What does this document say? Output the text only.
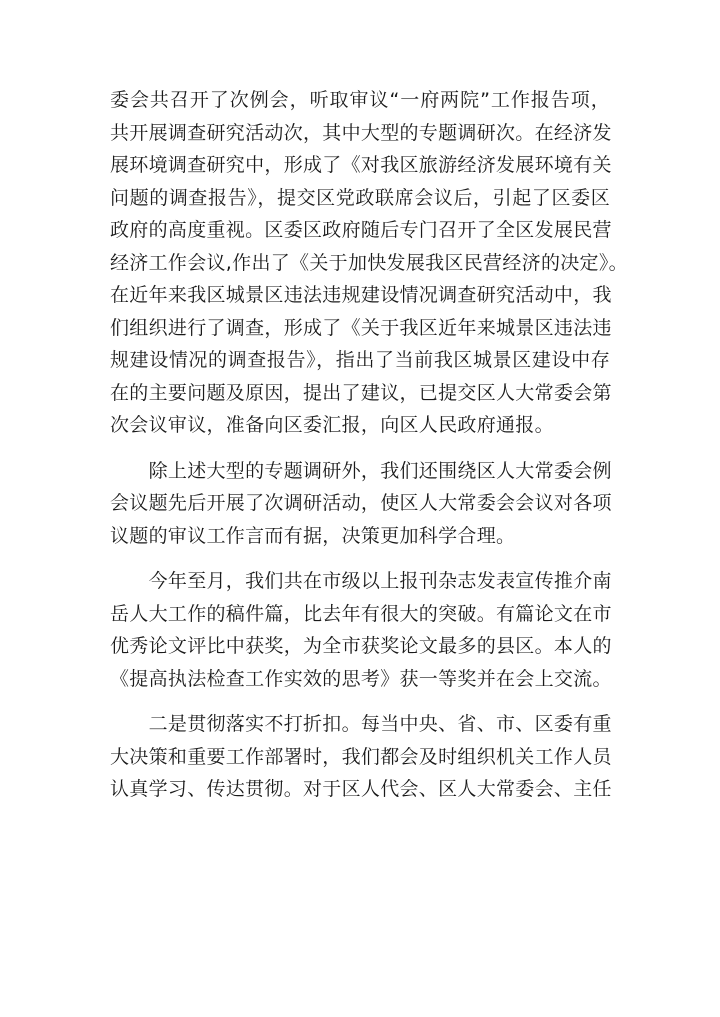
委会共召开了次例会，听取审议“一府两院”工作报告项，
共开展调查研究活动次，其中大型的专题调研次。在经济发
展环境调查研究中，形成了《对我区旅游经济发展环境有关
问题的调查报告》，提交区党政联席会议后，引起了区委区
政府的高度重视。区委区政府随后专门召开了全区发展民营
经济工作会议,作出了《关于加快发展我区民营经济的决定》。
在近年来我区城景区违法违规建设情况调查研究活动中，我
们组织进行了调查，形成了《关于我区近年来城景区违法违
规建设情况的调查报告》，指出了当前我区城景区建设中存
在的主要问题及原因，提出了建议，已提交区人大常委会第
次会议审议，准备向区委汇报，向区人民政府通报。
　　除上述大型的专题调研外，我们还围绕区人大常委会例
会议题先后开展了次调研活动，使区人大常委会会议对各项
议题的审议工作言而有据，决策更加科学合理。
　　今年至月，我们共在市级以上报刊杂志发表宣传推介南
岳人大工作的稿件篇，比去年有很大的突破。有篇论文在市
优秀论文评比中获奖，为全市获奖论文最多的县区。本人的
《提高执法检查工作实效的思考》获一等奖并在会上交流。
　　二是贯彻落实不打折扣。每当中央、省、市、区委有重
大决策和重要工作部署时，我们都会及时组织机关工作人员
认真学习、传达贯彻。对于区人代会、区人大常委会、主任
